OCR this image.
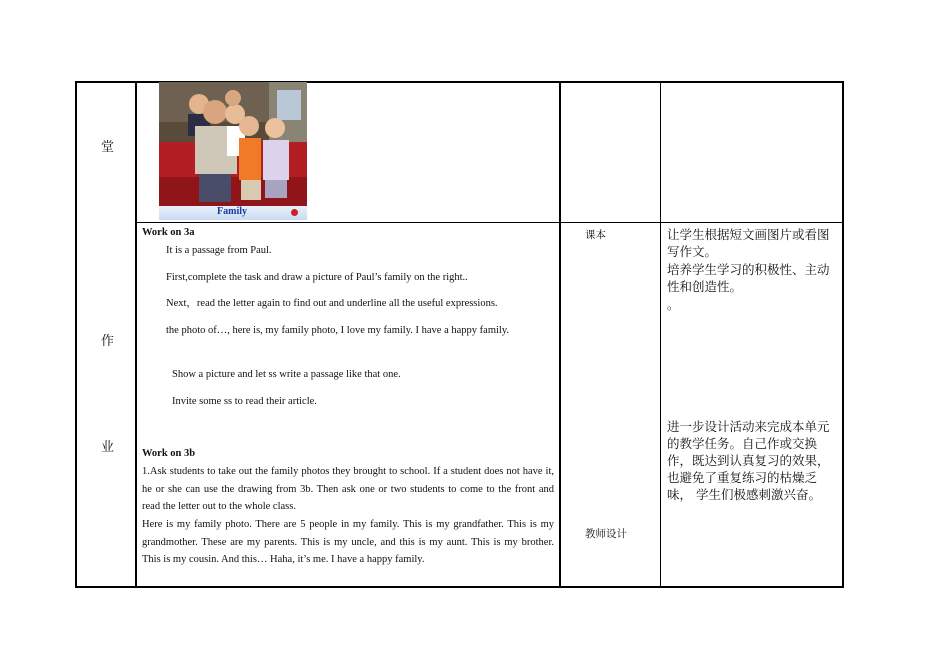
堂
作
业
Family
Work on 3a
It is a passage from Paul.
First,complete the task and draw a picture of Paul’s family on the right..
Next，read the letter again to find out and underline all the useful expressions.
the photo of…, here is, my family photo, I love my family. I have a happy family.
Show a picture and let ss write a passage like that one.
Invite some ss to read their article.
Work on 3b
1.Ask students to take out the family photos they brought to school. If a student does not have it, he or she can use the drawing from 3b. Then ask one or two students to come to the front and read the letter out to the whole class.
Here is my family photo. There are 5 people in my family. This is my grandfather. This is my grandmother. These are my parents. This is my uncle, and this is my aunt. This is my brother. This is my cousin. And this… Haha, it’s me. I have a happy family.
课本
教师设计
让学生根据短文画图片或看图写作文。
培养学生学习的积极性、主动性和创造性。
。
进一步设计活动来完成本单元的教学任务。自己作或交换作，既达到认真复习的效果，也避免了重复练习的枯燥乏味， 学生们极感刺激兴奋。
